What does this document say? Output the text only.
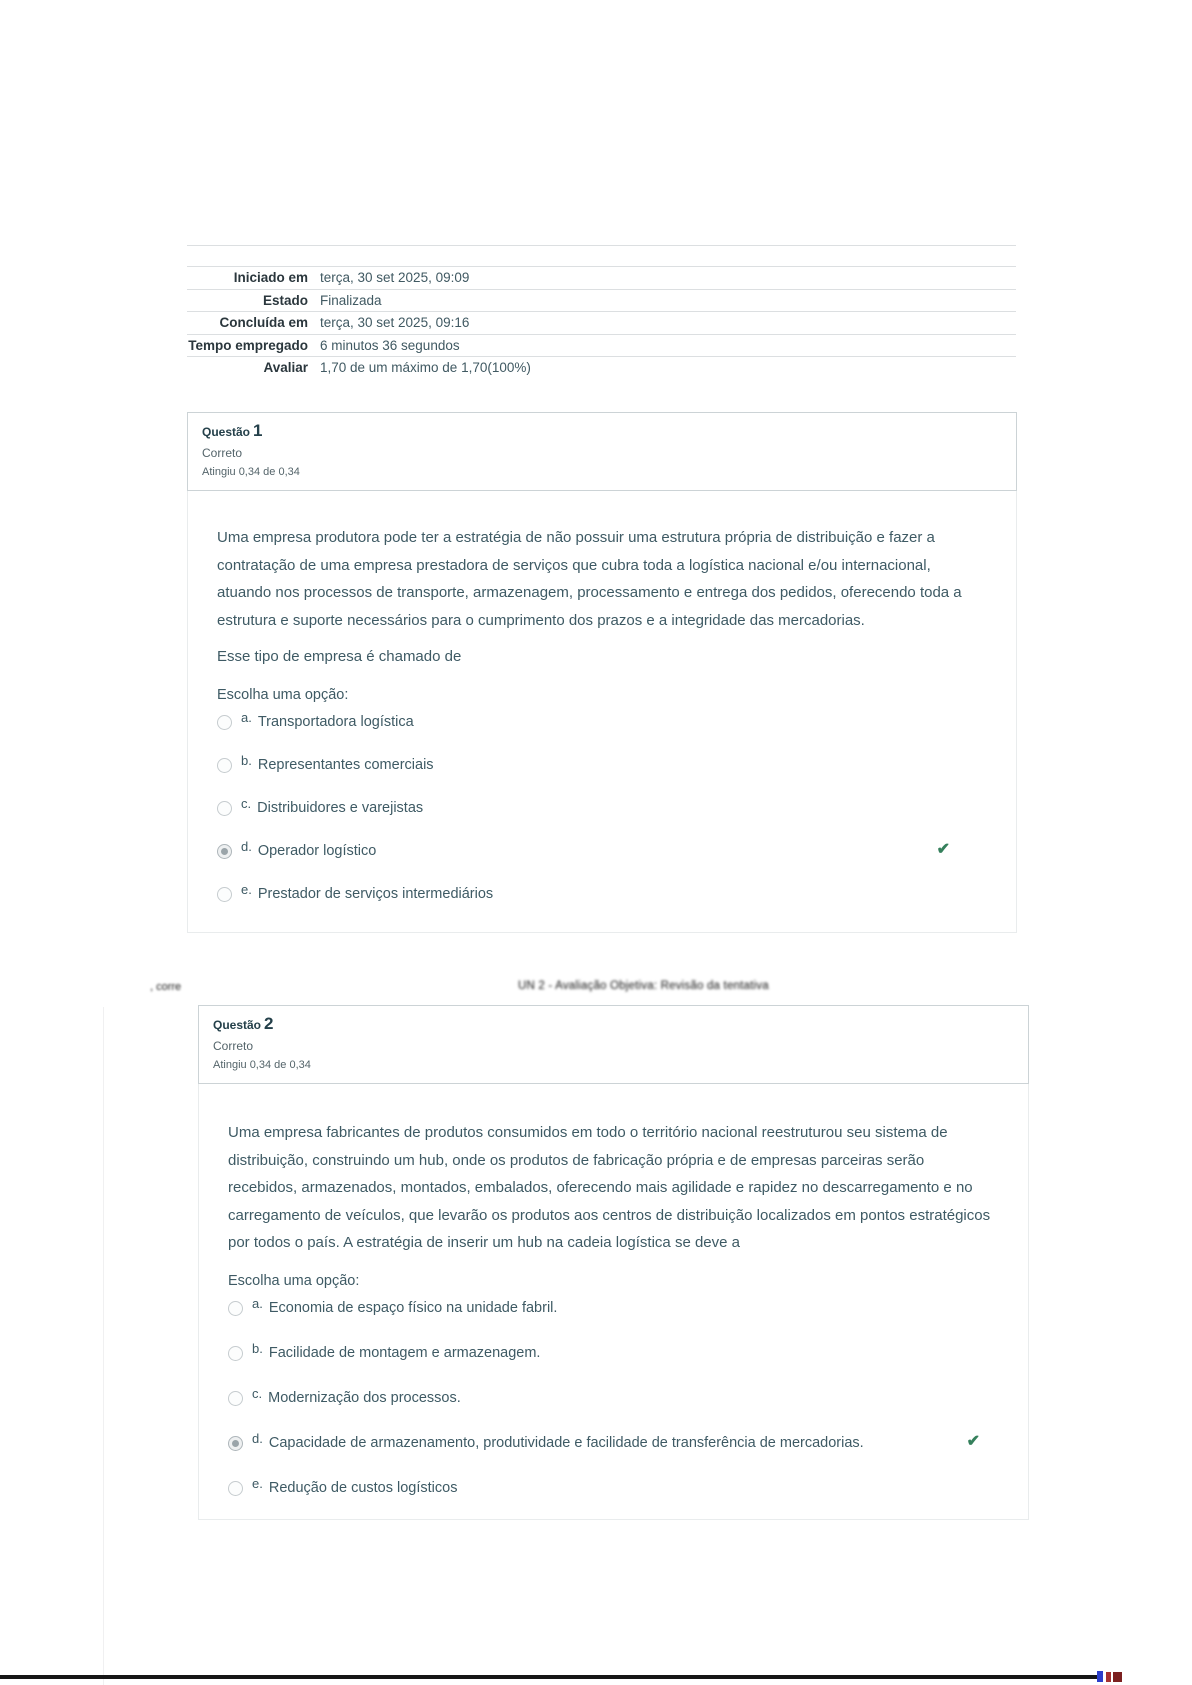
Iniciado em terça, 30 set 2025, 09:09
Estado Finalizada
Concluída em terça, 30 set 2025, 09:16
Tempo empregado 6 minutos 36 segundos
Avaliar 1,70 de um máximo de 1,70(100%)
Questão 1
Correto
Atingiu 0,34 de 0,34

Uma empresa produtora pode ter a estratégia de não possuir uma estrutura própria de distribuição e fazer a contratação de uma empresa prestadora de serviços que cubra toda a logística nacional e/ou internacional, atuando nos processos de transporte, armazenagem, processamento e entrega dos pedidos, oferecendo toda a estrutura e suporte necessários para o cumprimento dos prazos e a integridade das mercadorias.

Esse tipo de empresa é chamado de

Escolha uma opção:
a. Transportadora logística
b. Representantes comerciais
c. Distribuidores e varejistas
d. Operador logístico	✔
e. Prestador de serviços intermediários
, corre	UN 2 - Avaliação Objetiva: Revisão da tentativa
Questão 2
Correto
Atingiu 0,34 de 0,34

Uma empresa fabricantes de produtos consumidos em todo o território nacional reestruturou seu sistema de distribuição, construindo um hub, onde os produtos de fabricação própria e de empresas parceiras serão recebidos, armazenados, montados, embalados, oferecendo mais agilidade e rapidez no descarregamento e no carregamento de veículos, que levarão os produtos aos centros de distribuição localizados em pontos estratégicos por todos o país. A estratégia de inserir um hub na cadeia logística se deve a

Escolha uma opção:
a. Economia de espaço físico na unidade fabril.
b. Facilidade de montagem e armazenagem.
c. Modernização dos processos.
d. Capacidade de armazenamento, produtividade e facilidade de transferência de mercadorias.	✔
e. Redução de custos logísticos
